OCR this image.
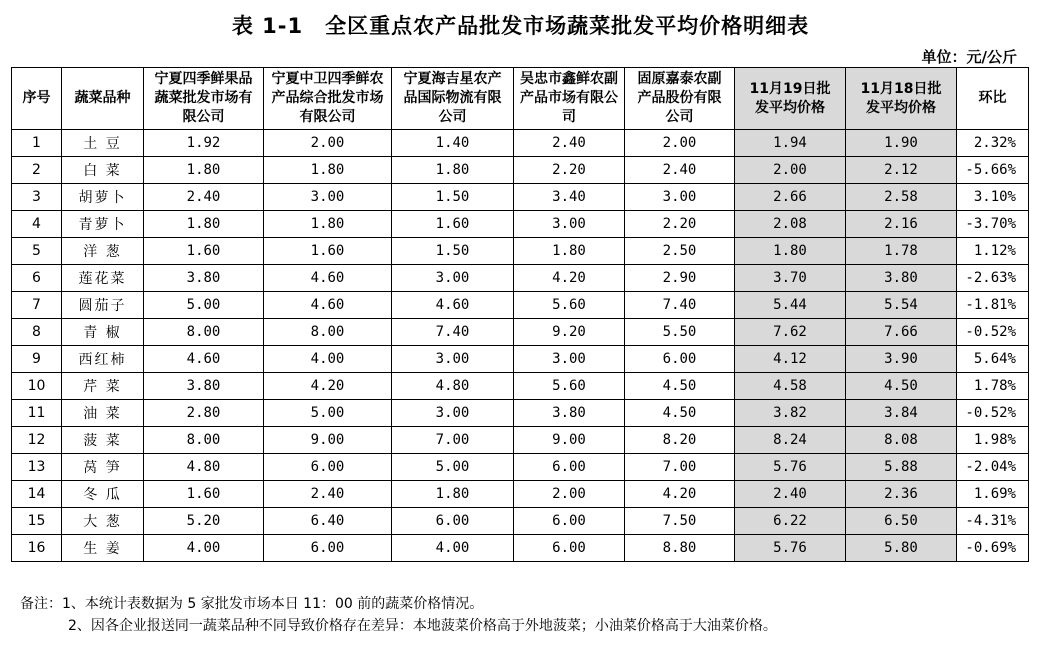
表 1-1 全区重点农产品批发市场蔬菜批发平均价格明细表
单位：元/公斤
序号	蔬菜品种	宁夏四季鲜果品蔬菜批发市场有限公司	宁夏中卫四季鲜农产品综合批发市场有限公司	宁夏海吉星农产品国际物流有限公司	吴忠市鑫鲜农副产品市场有限公司	固原嘉泰农副产品股份有限公司	11月19日批发平均价格	11月18日批发平均价格	环比
1	土 豆	1.92	2.00	1.40	2.40	2.00	1.94	1.90	2.32%
2	白 菜	1.80	1.80	1.80	2.20	2.40	2.00	2.12	-5.66%
3	胡萝卜	2.40	3.00	1.50	3.40	3.00	2.66	2.58	3.10%
4	青萝卜	1.80	1.80	1.60	3.00	2.20	2.08	2.16	-3.70%
5	洋 葱	1.60	1.60	1.50	1.80	2.50	1.80	1.78	1.12%
6	莲花菜	3.80	4.60	3.00	4.20	2.90	3.70	3.80	-2.63%
7	圆茄子	5.00	4.60	4.60	5.60	7.40	5.44	5.54	-1.81%
8	青 椒	8.00	8.00	7.40	9.20	5.50	7.62	7.66	-0.52%
9	西红柿	4.60	4.00	3.00	3.00	6.00	4.12	3.90	5.64%
10	芹 菜	3.80	4.20	4.80	5.60	4.50	4.58	4.50	1.78%
11	油 菜	2.80	5.00	3.00	3.80	4.50	3.82	3.84	-0.52%
12	菠 菜	8.00	9.00	7.00	9.00	8.20	8.24	8.08	1.98%
13	莴 笋	4.80	6.00	5.00	6.00	7.00	5.76	5.88	-2.04%
14	冬 瓜	1.60	2.40	1.80	2.00	4.20	2.40	2.36	1.69%
15	大 葱	5.20	6.40	6.00	6.00	7.50	6.22	6.50	-4.31%
16	生 姜	4.00	6.00	4.00	6.00	8.80	5.76	5.80	-0.69%
备注：1、本统计表数据为 5 家批发市场本日 11：00 前的蔬菜价格情况。
2、因各企业报送同一蔬菜品种不同导致价格存在差异：本地菠菜价格高于外地菠菜；小油菜价格高于大油菜价格。
